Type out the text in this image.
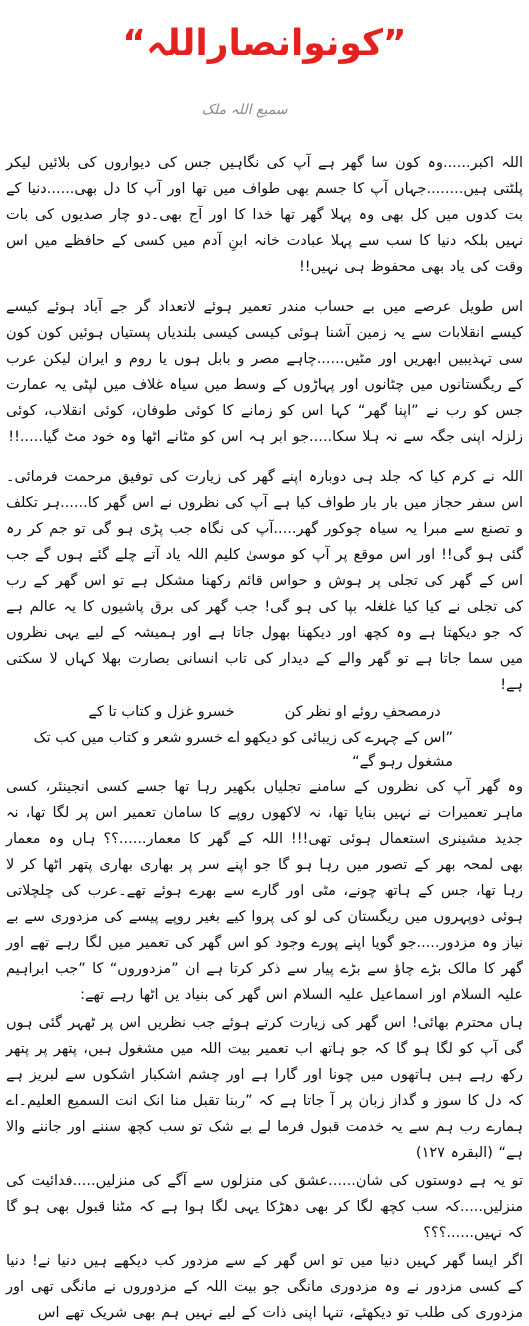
”کونوانصاراللہ“
سمیع اللہ ملک

اللہ اکبر......وہ کون سا گھر ہے آپ کی نگاہیں جس کی دیواروں کی بلائیں لیکر پلٹتی ہیں........جہاں آپ کا جسم بھی طواف میں تھا اور آپ کا دل بھی......دنیا کے بت کدوں میں کل بھی وہ پہلا گھر تھا خدا کا اور آج بھی۔دو چار صدیوں کی بات نہیں بلکہ دنیا کا سب سے پہلا عبادت خانہ ابنِ آدم میں کسی کے حافظے میں اس وقت کی یاد بھی محفوظ ہی نہیں!!

اس طویل عرصے میں بے حساب مندر تعمیر ہوئے لاتعداد گر جے آباد ہوئے کیسے کیسے انقلابات سے یہ زمین آشنا ہوئی کیسی کیسی بلندیاں پستیاں ہوئیں کون کون سی تہذیبیں ابھریں اور مٹیں......چاہے مصر و بابل ہوں یا روم و ایران لیکن عرب کے ریگستانوں میں چٹانوں اور پہاڑوں کے وسط میں سیاہ غلاف میں لپٹی یہ عمارت جس کو رب نے ”اپنا گھر“ کہا اس کو زمانے کا کوئی طوفان، کوئی انقلاب، کوئی زلزلہ اپنی جگہ سے نہ ہلا سکا.....جو ابر ہہ اس کو مٹانے اٹھا وہ خود مٹ گیا.....!!

اللہ نے کرم کیا کہ جلد ہی دوبارہ اپنے گھر کی زیارت کی توفیق مرحمت فرمائی۔اس سفر حجاز میں بار بار طواف کیا ہے آپ کی نظروں نے اس گھر کا......ہر تکلف و تصنع سے مبرا یہ سیاہ چوکور گھر.....آپ کی نگاہ جب پڑی ہو گی تو جم کر رہ گئی ہو گی!! اور اس موقع پر آپ کو موسیٰ کلیم اللہ یاد آتے چلے گئے ہوں گے جب اس کے گھر کی تجلی پر ہوش و حواس قائم رکھنا مشکل ہے تو اس گھر کے رب کی تجلی نے کیا کیا غلغلہ بپا کی ہو گی! جب گھر کی برق پاشیوں کا یہ عالم ہے کہ جو دیکھتا ہے وہ کچھ اور دیکھنا بھول جاتا ہے اور ہمیشہ کے لیے یہی نظروں میں سما جاتا ہے تو گھر والے کے دیدار کی تاب انسانی بصارت بھلا کہاں لا سکتی ہے!

درمصحفِ روئے او نظر کن
خسرو غزل و کتاب تا کے
”اس کے چہرے کی زیبائی کو دیکھو اے خسرو شعر و کتاب میں کب تک مشغول رہو گے“

وہ گھر آپ کی نظروں کے سامنے تجلیاں بکھیر رہا تھا جسے کسی انجینئر، کسی ماہر تعمیرات نے نہیں بنایا تھا، نہ لاکھوں روپے کا سامان تعمیر اس پر لگا تھا، نہ جدید مشینری استعمال ہوئی تھی!!! اللہ کے گھر کا معمار......؟؟ ہاں وہ معمار بھی لمحہ بھر کے تصور میں رہا ہو گا جو اپنے سر پر بھاری بھاری پتھر اٹھا کر لا رہا تھا، جس کے ہاتھ چونے، مٹی اور گارے سے بھرے ہوئے تھے۔عرب کی چلچلاتی ہوئی دوپہروں میں ریگستان کی لو کی پروا کیے بغیر روپے پیسے کی مزدوری سے بے نیاز وہ مزدور.....جو گویا اپنے پورے وجود کو اس گھر کی تعمیر میں لگا رہے تھے اور گھر کا مالک بڑے چاؤ سے بڑے پیار سے ذکر کرتا ہے ان ”مزدوروں“ کا ”جب ابراہیم علیہ السلام اور اسماعیل علیہ السلام اس گھر کی بنیاد یں اٹھا رہے تھے:

ہاں محترم بھائی! اس گھر کی زیارت کرتے ہوئے جب نظریں اس پر ٹھہر گئی ہوں گی آپ کو لگا ہو گا کہ جو ہاتھ اب تعمیر بیت اللہ میں مشغول ہیں، پتھر پر پتھر رکھ رہے ہیں ہاتھوں میں چونا اور گارا ہے اور چشم اشکبار اشکوں سے لبریز ہے کہ دل کا سوز و گداز زبان پر آ جاتا ہے کہ ”ربنا تقبل منا انک انت السمیع العلیم۔اے ہمارے رب ہم سے یہ خدمت قبول فرما لے بے شک تو سب کچھ سننے اور جاننے والا ہے“ (البقرہ ۱۲۷)

تو یہ ہے دوستوں کی شان......عشق کی منزلوں سے آگے کی منزلیں.....فدائیت کی منزلیں.....کہ سب کچھ لگا کر بھی دھڑکا یہی لگا ہوا ہے کہ مٹنا قبول بھی ہو گا کہ نہیں......؟؟؟

اگر ایسا گھر کہیں دنیا میں تو اس گھر کے سے مزدور کب دیکھے ہیں دنیا نے! دنیا کے کسی مزدور نے وہ مزدوری مانگی جو بیت اللہ کے مزدوروں نے مانگی تھی اور مزدوری کی طلب تو دیکھئے، تنہا اپنی ذات کے لیے نہیں ہم بھی شریک تھے اس
